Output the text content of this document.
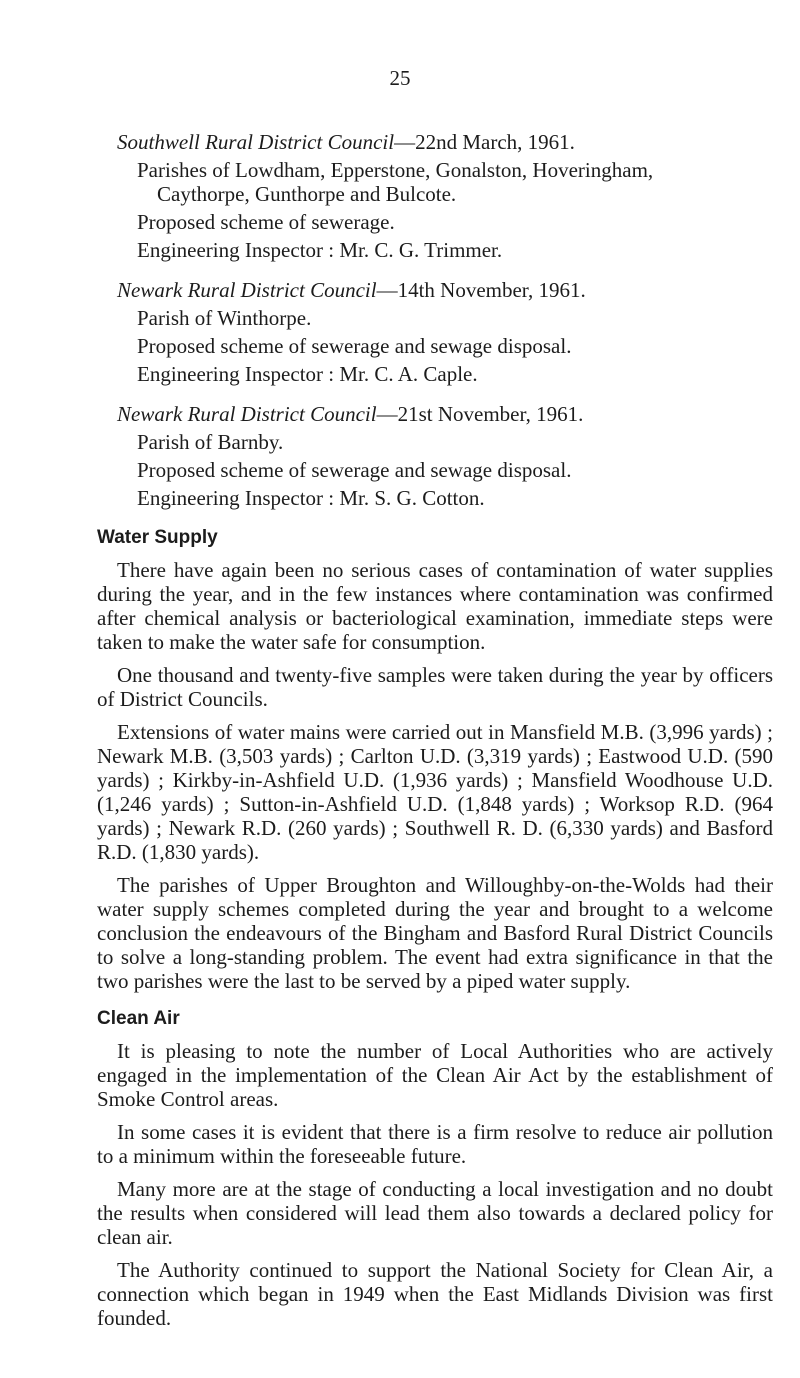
25
Southwell Rural District Council—22nd March, 1961.
Parishes of Lowdham, Epperstone, Gonalston, Hoveringham,
Caythorpe, Gunthorpe and Bulcote.
Proposed scheme of sewerage.
Engineering Inspector : Mr. C. G. Trimmer.
Newark Rural District Council—14th November, 1961.
Parish of Winthorpe.
Proposed scheme of sewerage and sewage disposal.
Engineering Inspector : Mr. C. A. Caple.
Newark Rural District Council—21st November, 1961.
Parish of Barnby.
Proposed scheme of sewerage and sewage disposal.
Engineering Inspector : Mr. S. G. Cotton.
Water Supply

There have again been no serious cases of contamination of water supplies during the year, and in the few instances where contamination was confirmed after chemical analysis or bacteriological examination, immediate steps were taken to make the water safe for consumption.

One thousand and twenty-five samples were taken during the year by officers of District Councils.

Extensions of water mains were carried out in Mansfield M.B. (3,996 yards) ; Newark M.B. (3,503 yards) ; Carlton U.D. (3,319 yards) ; Eastwood U.D. (590 yards) ; Kirkby-in-Ashfield U.D. (1,936 yards) ; Mansfield Woodhouse U.D. (1,246 yards) ; Sutton-in-Ashfield U.D. (1,848 yards) ; Worksop R.D. (964 yards) ; Newark R.D. (260 yards) ; Southwell R. D. (6,330 yards) and Basford R.D. (1,830 yards).

The parishes of Upper Broughton and Willoughby-on-the-Wolds had their water supply schemes completed during the year and brought to a welcome conclusion the endeavours of the Bingham and Basford Rural District Councils to solve a long-standing problem. The event had extra significance in that the two parishes were the last to be served by a piped water supply.

Clean Air

It is pleasing to note the number of Local Authorities who are actively engaged in the implementation of the Clean Air Act by the establishment of Smoke Control areas.

In some cases it is evident that there is a firm resolve to reduce air pollution to a minimum within the foreseeable future.

Many more are at the stage of conducting a local investigation and no doubt the results when considered will lead them also towards a declared policy for clean air.

The Authority continued to support the National Society for Clean Air, a connection which began in 1949 when the East Midlands Division was first founded.
